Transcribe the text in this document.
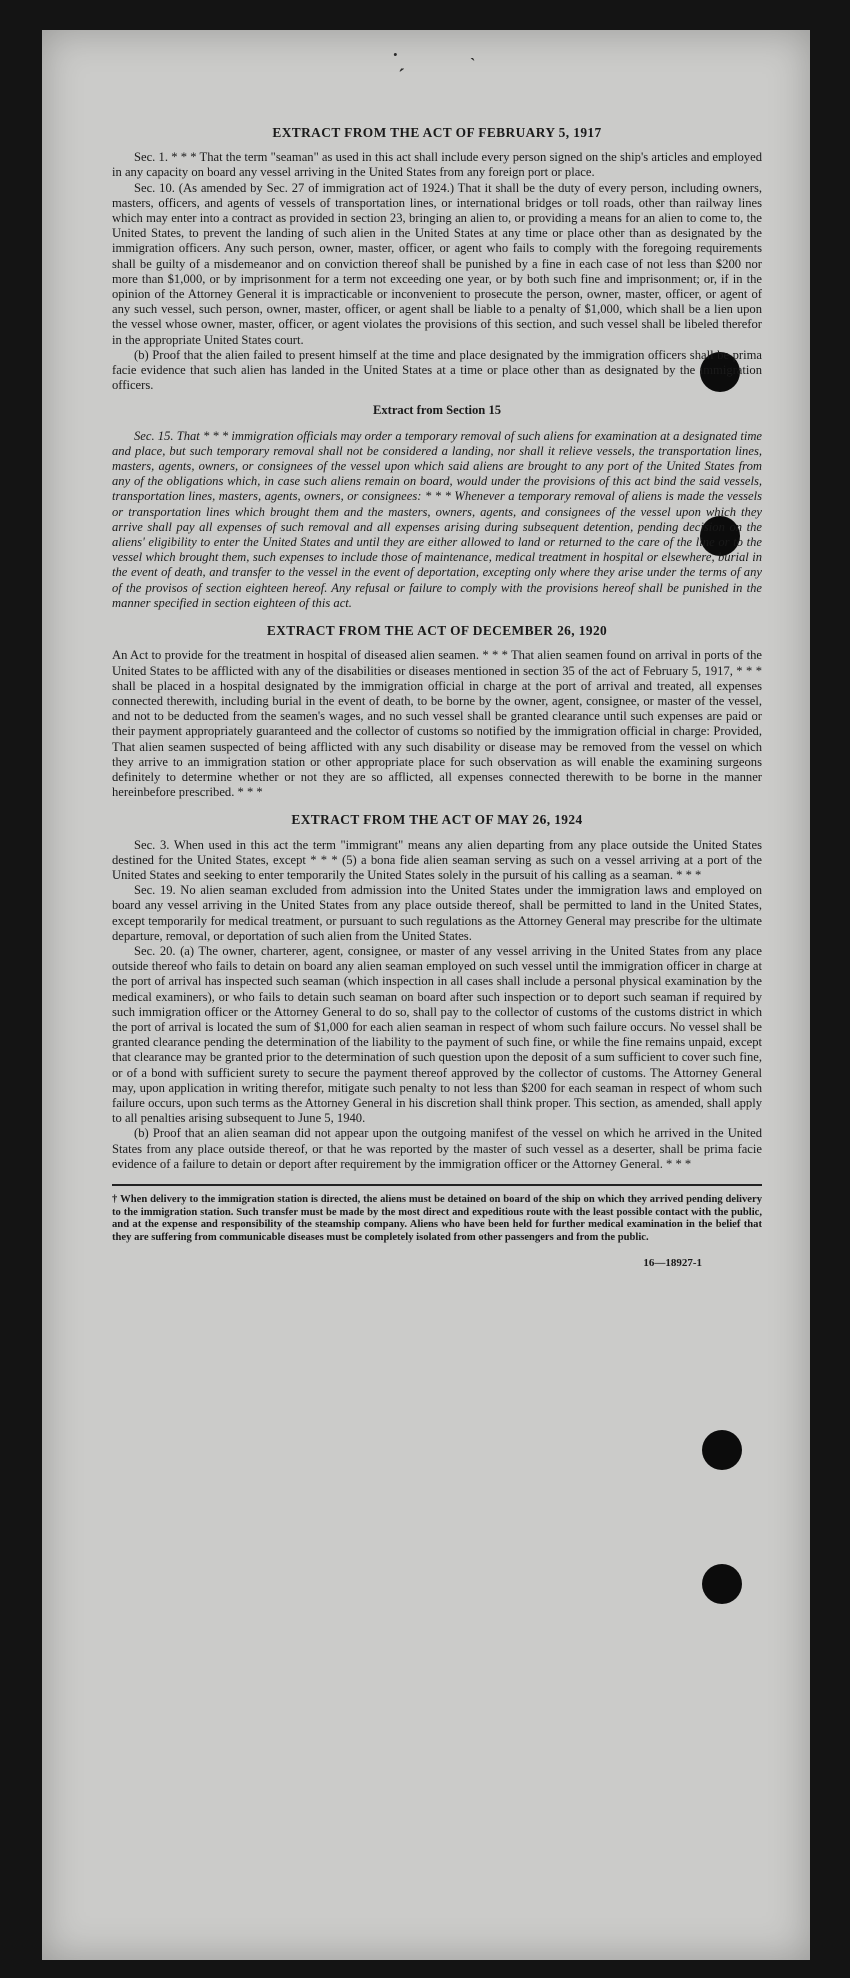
˙ˏ	ˎ
EXTRACT FROM THE ACT OF FEBRUARY 5, 1917

Sec. 1. * * * That the term "seaman" as used in this act shall include every person signed on the ship's articles and employed in any capacity on board any vessel arriving in the United States from any foreign port or place.

Sec. 10. (As amended by Sec. 27 of immigration act of 1924.) That it shall be the duty of every person, including owners, masters, officers, and agents of vessels of transportation lines, or international bridges or toll roads, other than railway lines which may enter into a contract as provided in section 23, bringing an alien to, or providing a means for an alien to come to, the United States, to prevent the landing of such alien in the United States at any time or place other than as designated by the immigration officers. Any such person, owner, master, officer, or agent who fails to comply with the foregoing requirements shall be guilty of a misdemeanor and on conviction thereof shall be punished by a fine in each case of not less than $200 nor more than $1,000, or by imprisonment for a term not exceeding one year, or by both such fine and imprisonment; or, if in the opinion of the Attorney General it is impracticable or inconvenient to prosecute the person, owner, master, officer, or agent of any such vessel, such person, owner, master, officer, or agent shall be liable to a penalty of $1,000, which shall be a lien upon the vessel whose owner, master, officer, or agent violates the provisions of this section, and such vessel shall be libeled therefor in the appropriate United States court.

(b) Proof that the alien failed to present himself at the time and place designated by the immigration officers shall be prima facie evidence that such alien has landed in the United States at a time or place other than as designated by the immigration officers.

Extract from Section 15

Sec. 15. That * * * immigration officials may order a temporary removal of such aliens for examination at a designated time and place, but such temporary removal shall not be considered a landing, nor shall it relieve vessels, the transportation lines, masters, agents, owners, or consignees of the vessel upon which said aliens are brought to any port of the United States from any of the obligations which, in case such aliens remain on board, would under the provisions of this act bind the said vessels, transportation lines, masters, agents, owners, or consignees: * * * Whenever a temporary removal of aliens is made the vessels or transportation lines which brought them and the masters, owners, agents, and consignees of the vessel upon which they arrive shall pay all expenses of such removal and all expenses arising during subsequent detention, pending decision on the aliens' eligibility to enter the United States and until they are either allowed to land or returned to the care of the line or to the vessel which brought them, such expenses to include those of maintenance, medical treatment in hospital or elsewhere, burial in the event of death, and transfer to the vessel in the event of deportation, excepting only where they arise under the terms of any of the provisos of section eighteen hereof. Any refusal or failure to comply with the provisions hereof shall be punished in the manner specified in section eighteen of this act.

EXTRACT FROM THE ACT OF DECEMBER 26, 1920

An Act to provide for the treatment in hospital of diseased alien seamen. * * * That alien seamen found on arrival in ports of the United States to be afflicted with any of the disabilities or diseases mentioned in section 35 of the act of February 5, 1917, * * * shall be placed in a hospital designated by the immigration official in charge at the port of arrival and treated, all expenses connected therewith, including burial in the event of death, to be borne by the owner, agent, consignee, or master of the vessel, and not to be deducted from the seamen's wages, and no such vessel shall be granted clearance until such expenses are paid or their payment appropriately guaranteed and the collector of customs so notified by the immigration official in charge: Provided, That alien seamen suspected of being afflicted with any such disability or disease may be removed from the vessel on which they arrive to an immigration station or other appropriate place for such observation as will enable the examining surgeons definitely to determine whether or not they are so afflicted, all expenses connected therewith to be borne in the manner hereinbefore prescribed. * * *

EXTRACT FROM THE ACT OF MAY 26, 1924

Sec. 3. When used in this act the term "immigrant" means any alien departing from any place outside the United States destined for the United States, except * * * (5) a bona fide alien seaman serving as such on a vessel arriving at a port of the United States and seeking to enter temporarily the United States solely in the pursuit of his calling as a seaman. * * *

Sec. 19. No alien seaman excluded from admission into the United States under the immigration laws and employed on board any vessel arriving in the United States from any place outside thereof, shall be permitted to land in the United States, except temporarily for medical treatment, or pursuant to such regulations as the Attorney General may prescribe for the ultimate departure, removal, or deportation of such alien from the United States.

Sec. 20. (a) The owner, charterer, agent, consignee, or master of any vessel arriving in the United States from any place outside thereof who fails to detain on board any alien seaman employed on such vessel until the immigration officer in charge at the port of arrival has inspected such seaman (which inspection in all cases shall include a personal physical examination by the medical examiners), or who fails to detain such seaman on board after such inspection or to deport such seaman if required by such immigration officer or the Attorney General to do so, shall pay to the collector of customs of the customs district in which the port of arrival is located the sum of $1,000 for each alien seaman in respect of whom such failure occurs. No vessel shall be granted clearance pending the determination of the liability to the payment of such fine, or while the fine remains unpaid, except that clearance may be granted prior to the determination of such question upon the deposit of a sum sufficient to cover such fine, or of a bond with sufficient surety to secure the payment thereof approved by the collector of customs. The Attorney General may, upon application in writing therefor, mitigate such penalty to not less than $200 for each seaman in respect of whom such failure occurs, upon such terms as the Attorney General in his discretion shall think proper. This section, as amended, shall apply to all penalties arising subsequent to June 5, 1940.

(b) Proof that an alien seaman did not appear upon the outgoing manifest of the vessel on which he arrived in the United States from any place outside thereof, or that he was reported by the master of such vessel as a deserter, shall be prima facie evidence of a failure to detain or deport after requirement by the immigration officer or the Attorney General. * * *

† When delivery to the immigration station is directed, the aliens must be detained on board of the ship on which they arrived pending delivery to the immigration station. Such transfer must be made by the most direct and expeditious route with the least possible contact with the public, and at the expense and responsibility of the steamship company. Aliens who have been held for further medical examination in the belief that they are suffering from communicable diseases must be completely isolated from other passengers and from the public.
16—18927-1
